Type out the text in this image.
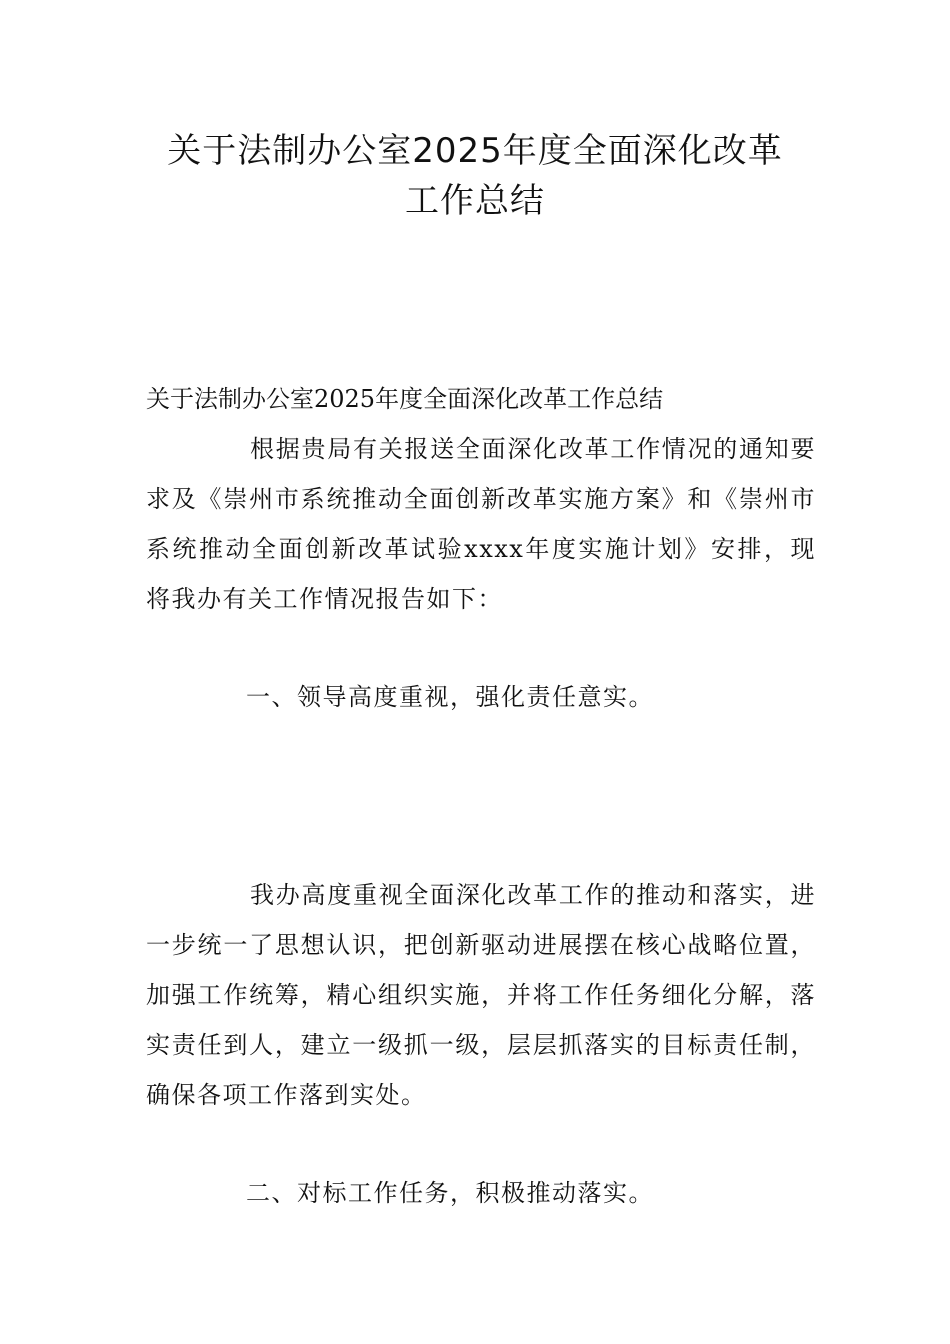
关于法制办公室2025年度全面深化改革工作总结

关于法制办公室2025年度全面深化改革工作总结

根据贵局有关报送全面深化改革工作情况的通知要求及《崇州市系统推动全面创新改革实施方案》和《崇州市系统推动全面创新改革试验xxxx年度实施计划》安排，现将我办有关工作情况报告如下：

一、领导高度重视，强化责任意实。

我办高度重视全面深化改革工作的推动和落实，进一步统一了思想认识，把创新驱动进展摆在核心战略位置，加强工作统筹，精心组织实施，并将工作任务细化分解，落实责任到人，建立一级抓一级，层层抓落实的目标责任制，确保各项工作落到实处。

二、对标工作任务，积极推动落实。
